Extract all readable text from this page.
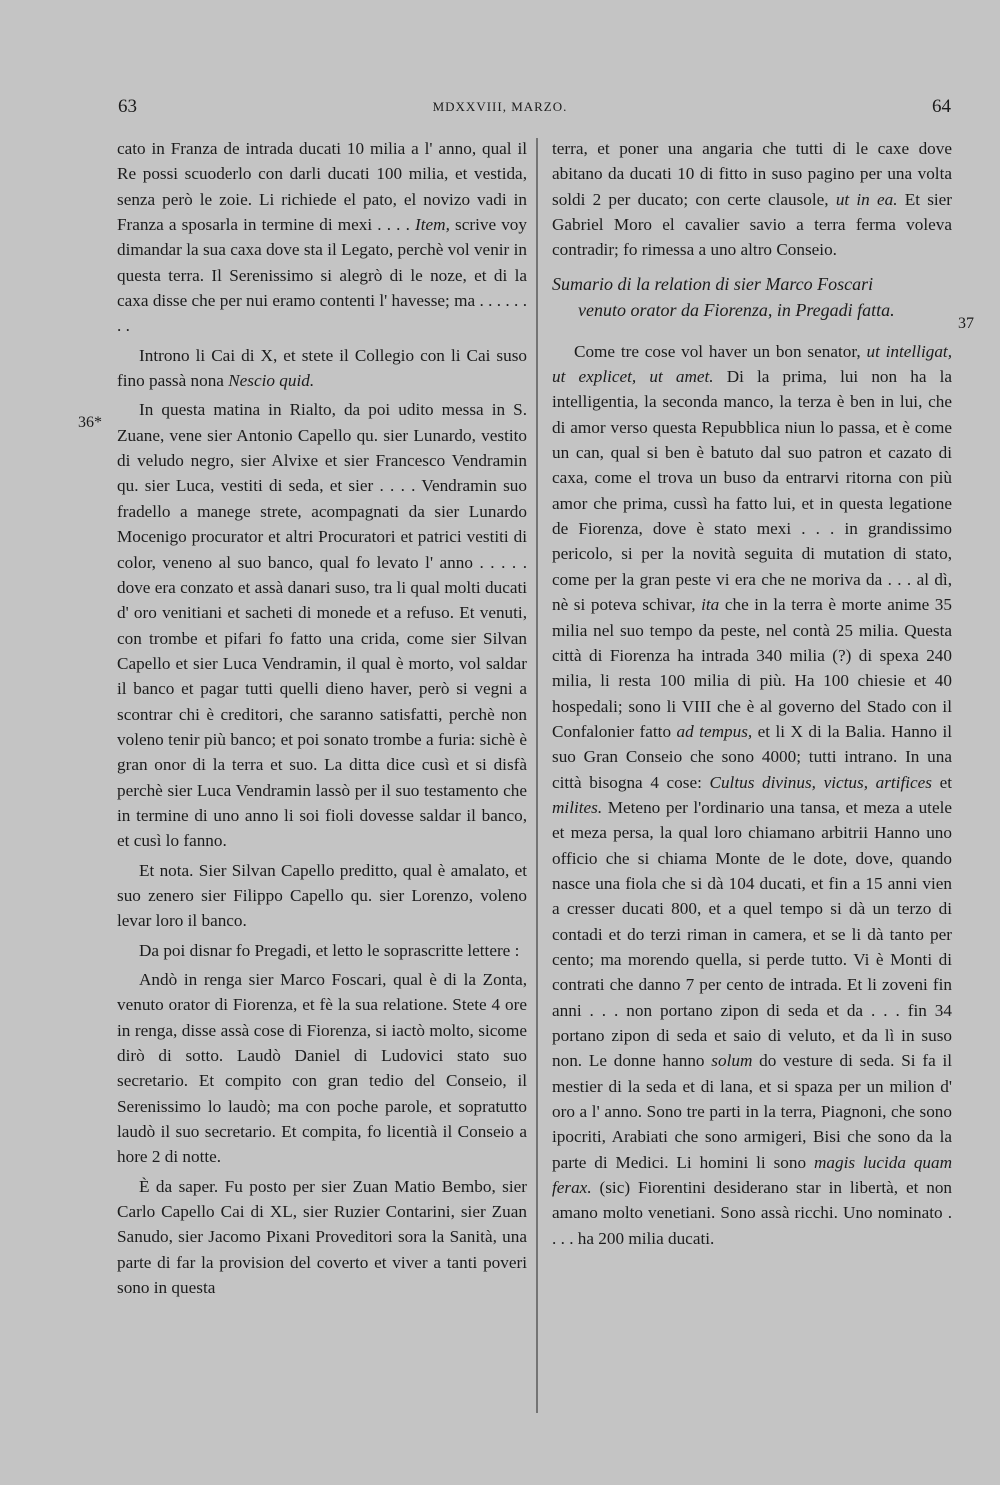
63	MDXXVIII, MARZO.	64
36*
37

cato in Franza de intrada ducati 10 milia a l' anno, qual il Re possi scuoderlo con darli ducati 100 milia, et vestida, senza però le zoie. Li richiede el pato, el novizo vadi in Franza a sposarla in termine di mexi . . . . Item, scrive voy dimandar la sua caxa dove sta il Legato, perchè vol venir in questa terra. Il Serenissimo si alegrò di le noze, et di la caxa disse che per nui eramo contenti l' havesse; ma . . . . . . . .

Introno li Cai di X, et stete il Collegio con li Cai suso fino passà nona Nescio quid.

In questa matina in Rialto, da poi udito messa in S. Zuane, vene sier Antonio Capello qu. sier Lunardo, vestito di veludo negro, sier Alvixe et sier Francesco Vendramin qu. sier Luca, vestiti di seda, et sier . . . . Vendramin suo fradello a manege strete, acompagnati da sier Lunardo Mocenigo procurator et altri Procuratori et patrici vestiti di color, veneno al suo banco, qual fo levato l' anno . . . . . dove era conzato et assà danari suso, tra li qual molti ducati d' oro venitiani et sacheti di monede et a refuso. Et venuti, con trombe et pifari fo fatto una crida, come sier Silvan Capello et sier Luca Vendramin, il qual è morto, vol saldar il banco et pagar tutti quelli dieno haver, però si vegni a scontrar chi è creditori, che saranno satisfatti, perchè non voleno tenir più banco; et poi sonato trombe a furia: sichè è gran onor di la terra et suo. La ditta dice cusì et si disfà perchè sier Luca Vendramin lassò per il suo testamento che in termine di uno anno li soi fioli dovesse saldar il banco, et cusì lo fanno.

Et nota. Sier Silvan Capello preditto, qual è amalato, et suo zenero sier Filippo Capello qu. sier Lorenzo, voleno levar loro il banco.

Da poi disnar fo Pregadi, et letto le soprascritte lettere :

Andò in renga sier Marco Foscari, qual è di la Zonta, venuto orator di Fiorenza, et fè la sua relatione. Stete 4 ore in renga, disse assà cose di Fiorenza, si iactò molto, sicome dirò di sotto. Laudò Daniel di Ludovici stato suo secretario. Et compito con gran tedio del Conseio, il Serenissimo lo laudò; ma con poche parole, et sopratutto laudò il suo secretario. Et compita, fo licentià il Conseio a hore 2 di notte.

È da saper. Fu posto per sier Zuan Matio Bembo, sier Carlo Capello Cai di XL, sier Ruzier Contarini, sier Zuan Sanudo, sier Jacomo Pixani Proveditori sora la Sanità, una parte di far la provision del coverto et viver a tanti poveri sono in questa

terra, et poner una angaria che tutti di le caxe dove abitano da ducati 10 di fitto in suso pagino per una volta soldi 2 per ducato; con certe clausole, ut in ea. Et sier Gabriel Moro el cavalier savio a terra ferma voleva contradir; fo rimessa a uno altro Conseio.

Sumario di la relation di sier Marco Foscari
venuto orator da Fiorenza, in Pregadi fatta.

Come tre cose vol haver un bon senator, ut intelligat, ut explicet, ut amet. Di la prima, lui non ha la intelligentia, la seconda manco, la terza è ben in lui, che di amor verso questa Repubblica niun lo passa, et è come un can, qual si ben è batuto dal suo patron et cazato di caxa, come el trova un buso da entrarvi ritorna con più amor che prima, cussì ha fatto lui, et in questa legatione de Fiorenza, dove è stato mexi . . . in grandissimo pericolo, si per la novità seguita di mutation di stato, come per la gran peste vi era che ne moriva da . . . al dì, nè si poteva schivar, ita che in la terra è morte anime 35 milia nel suo tempo da peste, nel contà 25 milia. Questa città di Fiorenza ha intrada 340 milia (?) di spexa 240 milia, li resta 100 milia di più. Ha 100 chiesie et 40 hospedali; sono li VIII che è al governo del Stado con il Confalonier fatto ad tempus, et li X di la Balia. Hanno il suo Gran Conseio che sono 4000; tutti intrano. In una città bisogna 4 cose: Cultus divinus, victus, artifices et milites. Meteno per l'ordinario una tansa, et meza a utele et meza persa, la qual loro chiamano arbitrii Hanno uno officio che si chiama Monte de le dote, dove, quando nasce una fiola che si dà 104 ducati, et fin a 15 anni vien a cresser ducati 800, et a quel tempo si dà un terzo di contadi et do terzi riman in camera, et se li dà tanto per cento; ma morendo quella, si perde tutto. Vi è Monti di contrati che danno 7 per cento de intrada. Et li zoveni fin anni . . . non portano zipon di seda et da . . . fin 34 portano zipon di seda et saio di veluto, et da lì in suso non. Le donne hanno solum do vesture di seda. Si fa il mestier di la seda et di lana, et si spaza per un milion d' oro a l' anno. Sono tre parti in la terra, Piagnoni, che sono ipocriti, Arabiati che sono armigeri, Bisi che sono da la parte di Medici. Li homini li sono magis lucida quam ferax. (sic) Fiorentini desiderano star in libertà, et non amano molto venetiani. Sono assà ricchi. Uno nominato . . . . ha 200 milia ducati.
